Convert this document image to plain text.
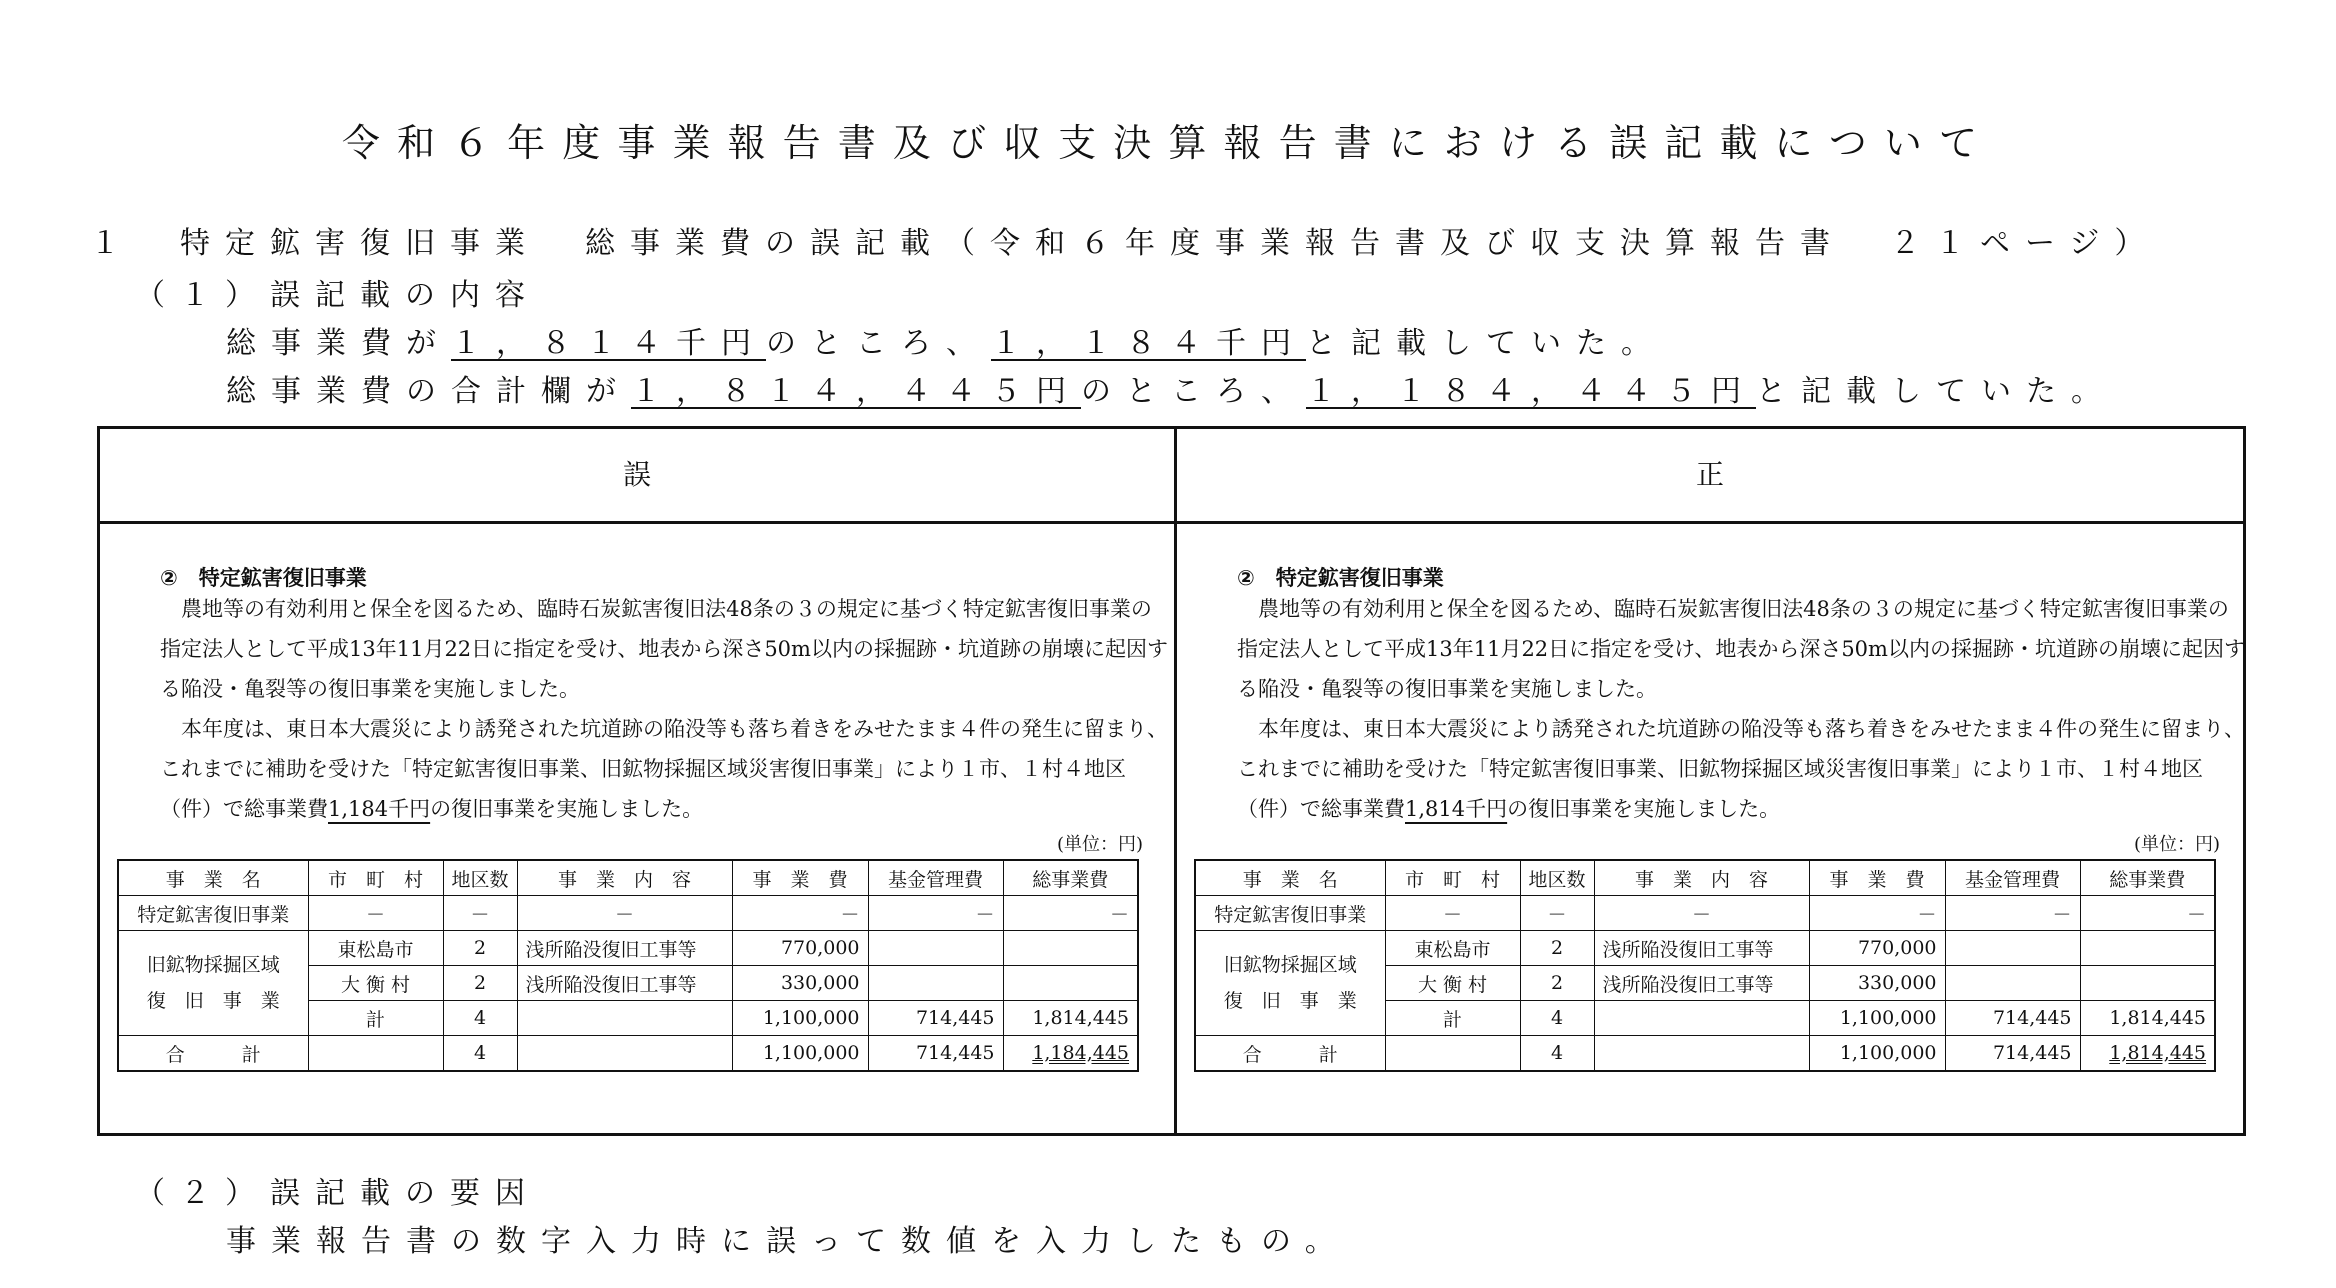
令和６年度事業報告書及び収支決算報告書における誤記載について
１　特定鉱害復旧事業　総事業費の誤記載（令和６年度事業報告書及び収支決算報告書　２１ページ）
（１）誤記載の内容
総事業費が１，８１４千円のところ、１，１８４千円と記載していた。
総事業費の合計欄が１，８１４，４４５円のところ、１，１８４，４４５円と記載していた。
誤	正
②　特定鉱害復旧事業
農地等の有効利用と保全を図るため、臨時石炭鉱害復旧法48条の３の規定に基づく特定鉱害復旧事業の指定法人として平成13年11月22日に指定を受け、地表から深さ50m以内の採掘跡・坑道跡の崩壊に起因する陥没・亀裂等の復旧事業を実施しました。
本年度は、東日本大震災により誘発された坑道跡の陥没等も落ち着きをみせたまま４件の発生に留まり、これまでに補助を受けた「特定鉱害復旧事業、旧鉱物採掘区域災害復旧事業」により１市、１村４地区（件）で総事業費1,184千円の復旧事業を実施しました。
(単位：円)
事　業　名	市　町　村	地区数	事　業　内　容	事　業　費	基金管理費	総事業費
特定鉱害復旧事業	－	－	－	－	－	－
旧鉱物採掘区域
復　旧　事　業	東松島市	2	浅所陥没復旧工事等	770,000		
	大 衡 村	2	浅所陥没復旧工事等	330,000		
	計	4		1,100,000	714,445	1,814,445
合　　　計		4		1,100,000	714,445	1,184,445
②　特定鉱害復旧事業
農地等の有効利用と保全を図るため、臨時石炭鉱害復旧法48条の３の規定に基づく特定鉱害復旧事業の指定法人として平成13年11月22日に指定を受け、地表から深さ50m以内の採掘跡・坑道跡の崩壊に起因する陥没・亀裂等の復旧事業を実施しました。
本年度は、東日本大震災により誘発された坑道跡の陥没等も落ち着きをみせたまま４件の発生に留まり、これまでに補助を受けた「特定鉱害復旧事業、旧鉱物採掘区域災害復旧事業」により１市、１村４地区（件）で総事業費1,814千円の復旧事業を実施しました。
(単位：円)
事　業　名	市　町　村	地区数	事　業　内　容	事　業　費	基金管理費	総事業費
特定鉱害復旧事業	－	－	－	－	－	－
旧鉱物採掘区域
復　旧　事　業	東松島市	2	浅所陥没復旧工事等	770,000		
	大 衡 村	2	浅所陥没復旧工事等	330,000		
	計	4		1,100,000	714,445	1,814,445
合　　　計		4		1,100,000	714,445	1,814,445
（２）誤記載の要因
事業報告書の数字入力時に誤って数値を入力したもの。
